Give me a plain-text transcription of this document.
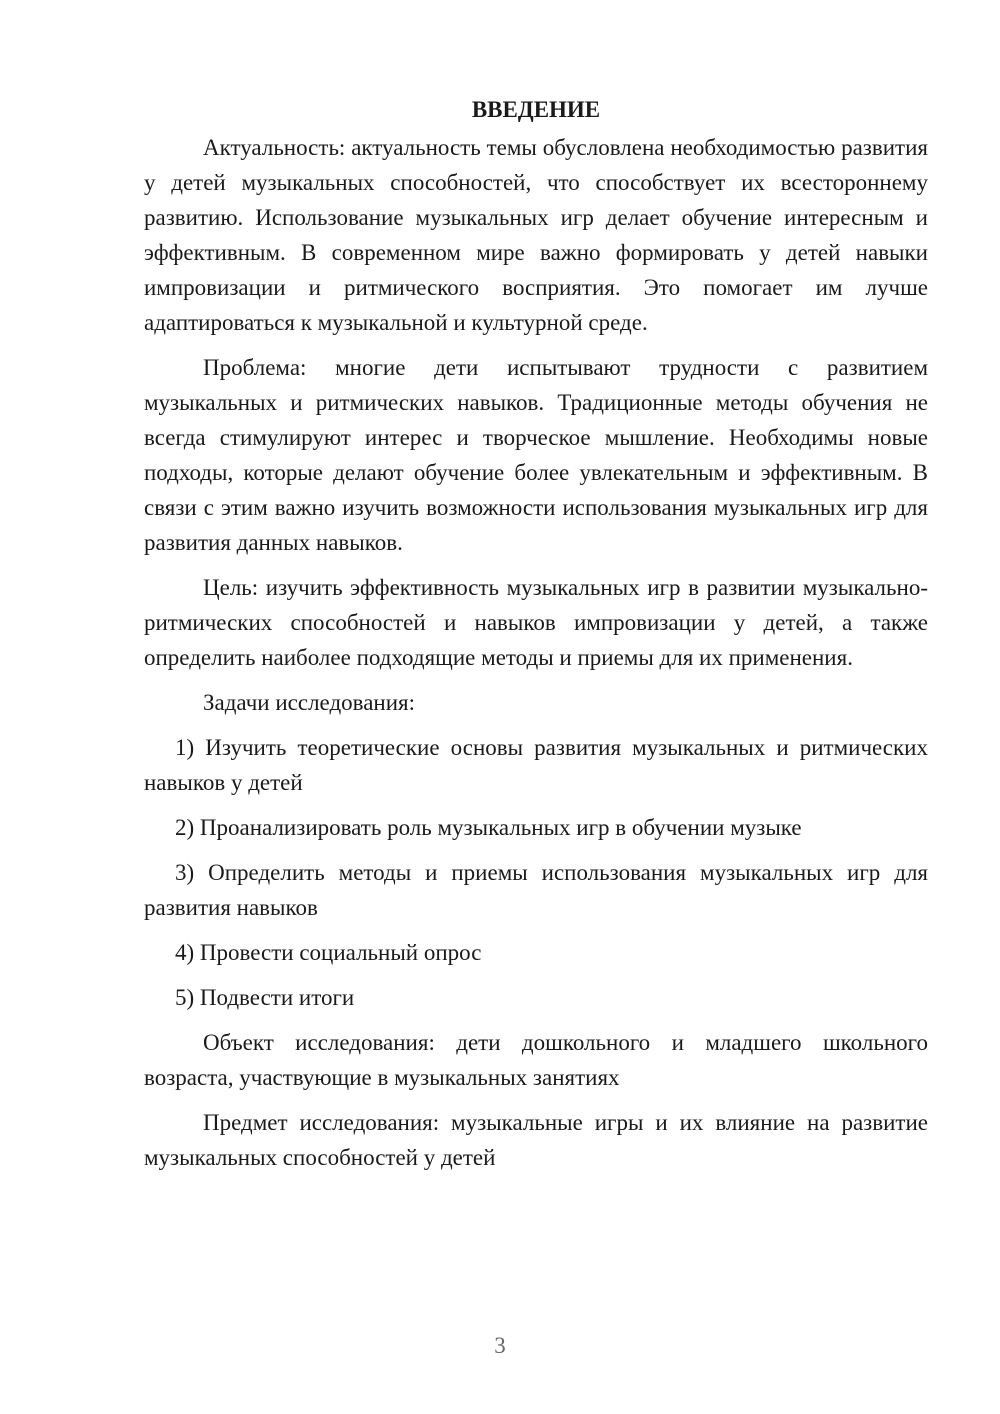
ВВЕДЕНИЕ

Актуальность: актуальность темы обусловлена необходимостью развития у детей музыкальных способностей, что способствует их всестороннему развитию. Использование музыкальных игр делает обучение интересным и эффективным. В современном мире важно формировать у детей навыки импровизации и ритмического восприятия. Это помогает им лучше адаптироваться к музыкальной и культурной среде.

Проблема: многие дети испытывают трудности с развитием музыкальных и ритмических навыков. Традиционные методы обучения не всегда стимулируют интерес и творческое мышление. Необходимы новые подходы, которые делают обучение более увлекательным и эффективным. В связи с этим важно изучить возможности использования музыкальных игр для развития данных навыков.

Цель: изучить эффективность музыкальных игр в развитии музыкально-ритмических способностей и навыков импровизации у детей, а также определить наиболее подходящие методы и приемы для их применения.

Задачи исследования:

1) Изучить теоретические основы развития музыкальных и ритмических навыков у детей

2) Проанализировать роль музыкальных игр в обучении музыке

3) Определить методы и приемы использования музыкальных игр для развития навыков

4) Провести социальный опрос

5) Подвести итоги

Объект исследования: дети дошкольного и младшего школьного возраста, участвующие в музыкальных занятиях

Предмет исследования: музыкальные игры и их влияние на развитие музыкальных способностей у детей

3
